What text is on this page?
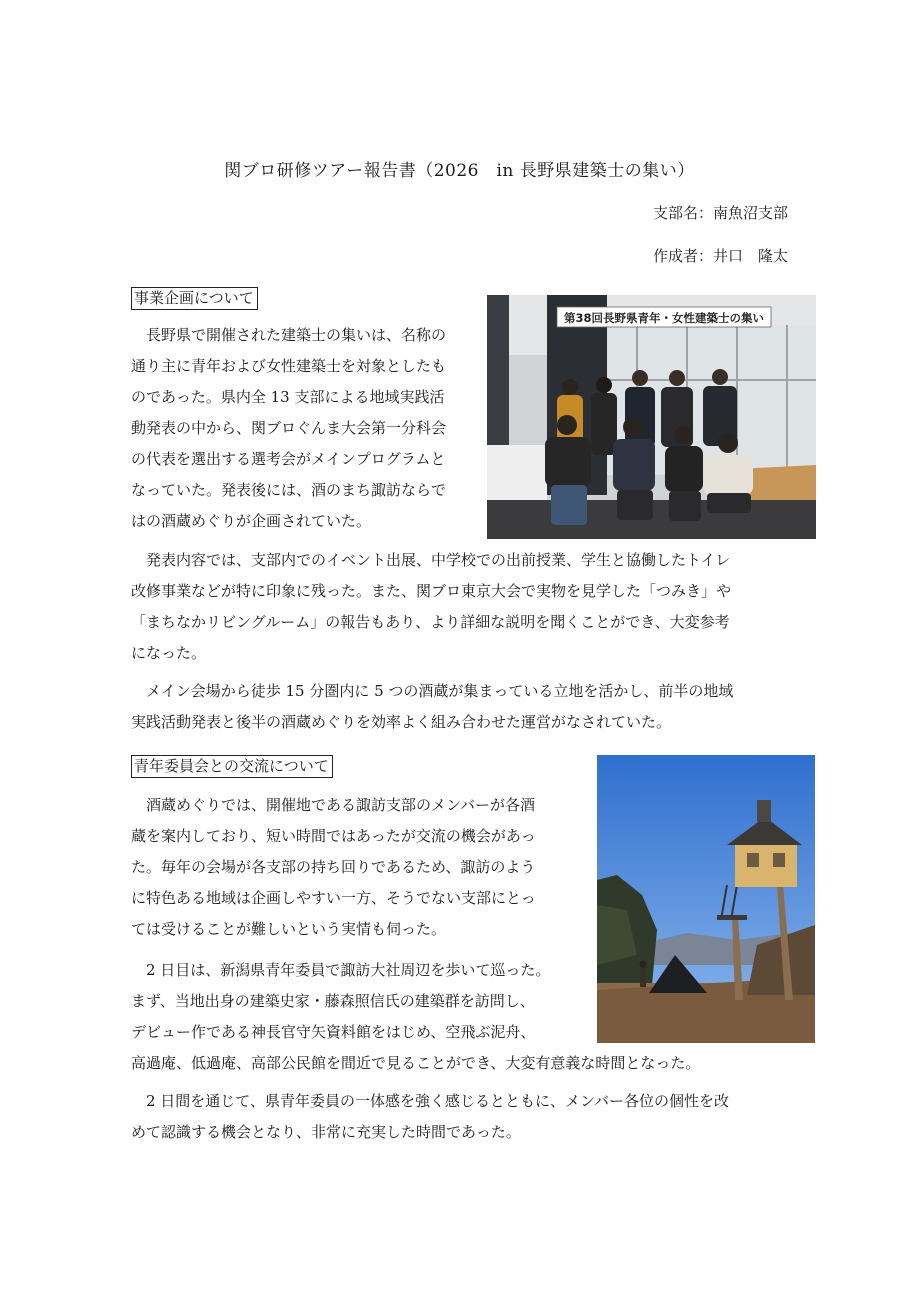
関ブロ研修ツアー報告書（2026　in 長野県建築士の集い）
支部名：南魚沼支部
作成者：井口　隆太
事業企画について
　長野県で開催された建築士の集いは、名称の
通り主に青年および女性建築士を対象としたも
のであった。県内全 13 支部による地域実践活
動発表の中から、関ブロぐんま大会第一分科会
の代表を選出する選考会がメインプログラムと
なっていた。発表後には、酒のまち諏訪ならで
はの酒蔵めぐりが企画されていた。
第38回長野県青年・女性建築士の集い
　発表内容では、支部内でのイベント出展、中学校での出前授業、学生と協働したトイレ
改修事業などが特に印象に残った。また、関ブロ東京大会で実物を見学した「つみき」や
「まちなかリビングルーム」の報告もあり、より詳細な説明を聞くことができ、大変参考
になった。
　メイン会場から徒歩 15 分圏内に 5 つの酒蔵が集まっている立地を活かし、前半の地域
実践活動発表と後半の酒蔵めぐりを効率よく組み合わせた運営がなされていた。
青年委員会との交流について
　酒蔵めぐりでは、開催地である諏訪支部のメンバーが各酒
蔵を案内しており、短い時間ではあったが交流の機会があっ
た。毎年の会場が各支部の持ち回りであるため、諏訪のよう
に特色ある地域は企画しやすい一方、そうでない支部にとっ
ては受けることが難しいという実情も伺った。
　2 日目は、新潟県青年委員で諏訪大社周辺を歩いて巡った。
まず、当地出身の建築史家・藤森照信氏の建築群を訪問し、
デビュー作である神長官守矢資料館をはじめ、空飛ぶ泥舟、
高過庵、低過庵、高部公民館を間近で見ることができ、大変有意義な時間となった。
　2 日間を通じて、県青年委員の一体感を強く感じるとともに、メンバー各位の個性を改
めて認識する機会となり、非常に充実した時間であった。
